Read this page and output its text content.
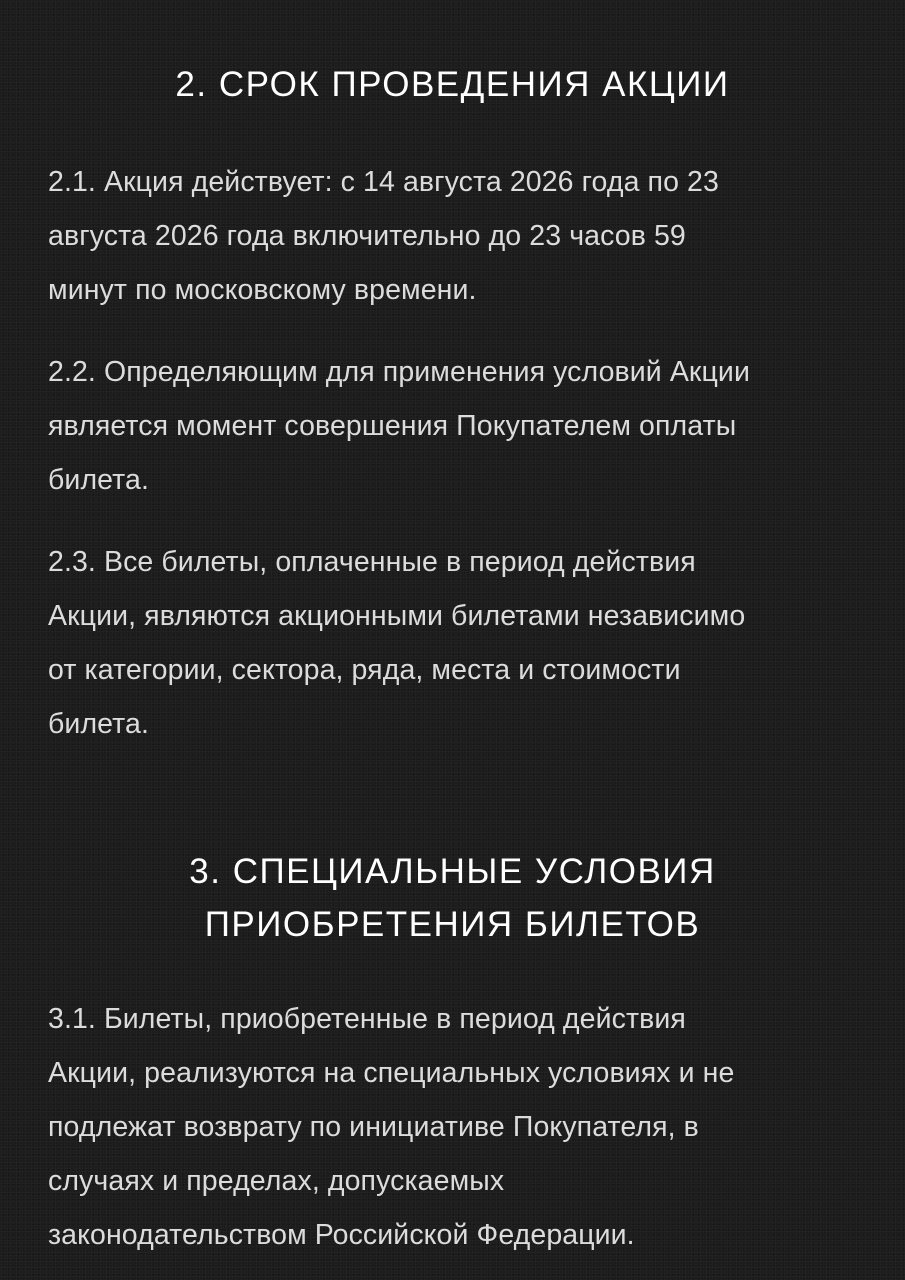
2. СРОК ПРОВЕДЕНИЯ АКЦИИ

2.1. Акция действует: с 14 августа 2026 года по 23
августа 2026 года включительно до 23 часов 59
минут по московскому времени.

2.2. Определяющим для применения условий Акции
является момент совершения Покупателем оплаты
билета.

2.3. Все билеты, оплаченные в период действия
Акции, являются акционными билетами независимо
от категории, сектора, ряда, места и стоимости
билета.

3. СПЕЦИАЛЬНЫЕ УСЛОВИЯ
ПРИОБРЕТЕНИЯ БИЛЕТОВ

3.1. Билеты, приобретенные в период действия
Акции, реализуются на специальных условиях и не
подлежат возврату по инициативе Покупателя, в
случаях и пределах, допускаемых
законодательством Российской Федерации.
